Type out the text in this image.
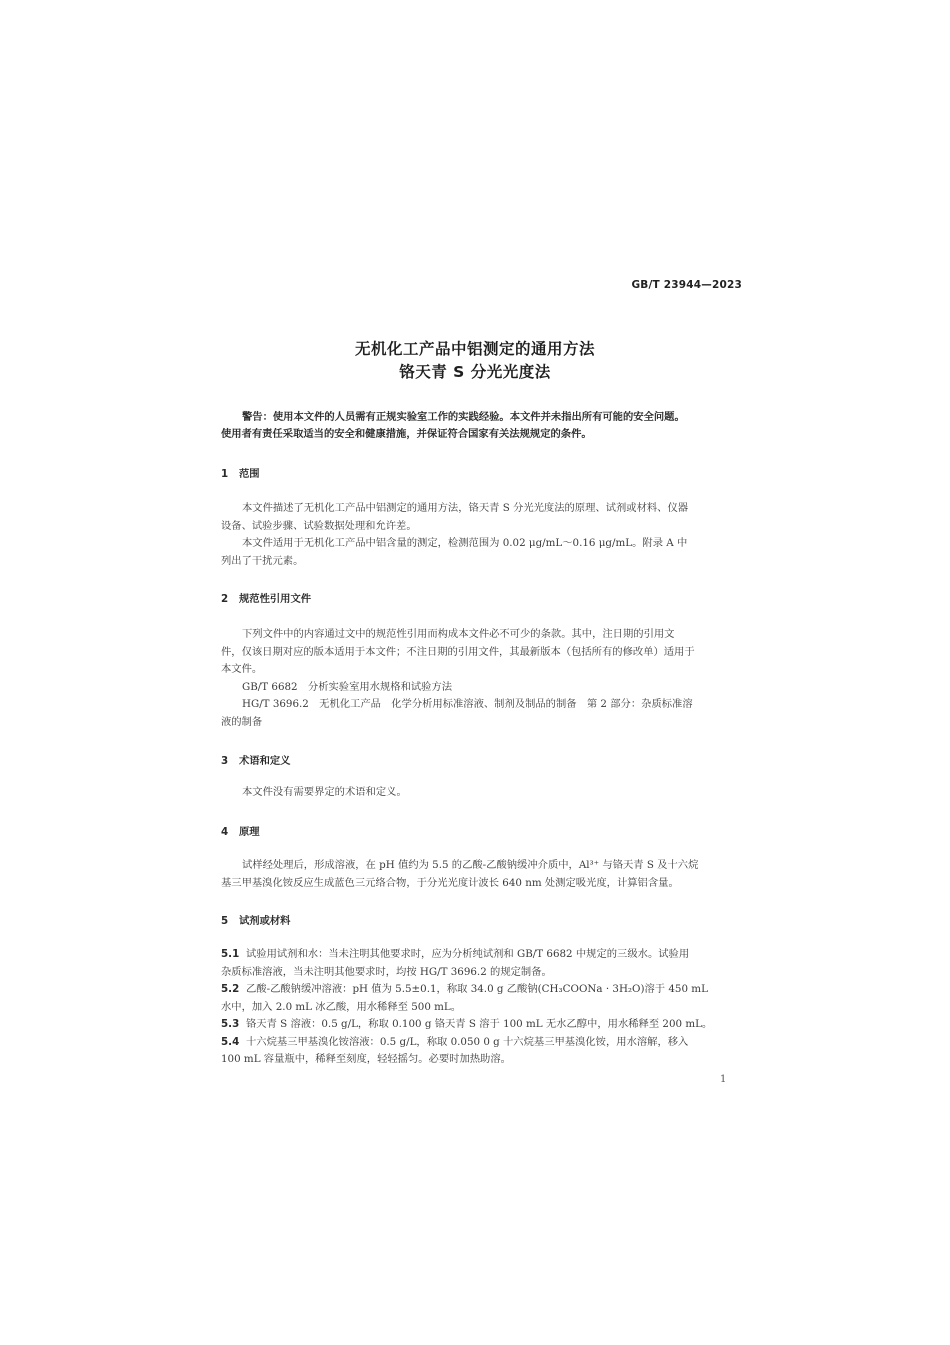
GB/T 23944—2023
无机化工产品中铝测定的通用方法
铬天青 S 分光光度法

警告：使用本文件的人员需有正规实验室工作的实践经验。本文件并未指出所有可能的安全问题。

使用者有责任采取适当的安全和健康措施，并保证符合国家有关法规规定的条件。

1 范围

本文件描述了无机化工产品中铝测定的通用方法，铬天青 S 分光光度法的原理、试剂或材料、仪器

设备、试验步骤、试验数据处理和允许差。

本文件适用于无机化工产品中铝含量的测定，检测范围为 0.02 μg/mL～0.16 μg/mL。附录 A 中

列出了干扰元素。

2 规范性引用文件

下列文件中的内容通过文中的规范性引用而构成本文件必不可少的条款。其中，注日期的引用文

件，仅该日期对应的版本适用于本文件；不注日期的引用文件，其最新版本（包括所有的修改单）适用于

本文件。

GB/T 6682　分析实验室用水规格和试验方法

HG/T 3696.2　无机化工产品　化学分析用标准溶液、制剂及制品的制备　第 2 部分：杂质标准溶

液的制备

3 术语和定义

本文件没有需要界定的术语和定义。

4 原理

试样经处理后，形成溶液，在 pH 值约为 5.5 的乙酸-乙酸钠缓冲介质中，Al³⁺ 与铬天青 S 及十六烷

基三甲基溴化铵反应生成蓝色三元络合物，于分光光度计波长 640 nm 处测定吸光度，计算铝含量。

5 试剂或材料

5.1 试验用试剂和水：当未注明其他要求时，应为分析纯试剂和 GB/T 6682 中规定的三级水。试验用

杂质标准溶液，当未注明其他要求时，均按 HG/T 3696.2 的规定制备。

5.2 乙酸-乙酸钠缓冲溶液：pH 值为 5.5±0.1，称取 34.0 g 乙酸钠(CH₃COONa · 3H₂O)溶于 450 mL

水中，加入 2.0 mL 冰乙酸，用水稀释至 500 mL。

5.3 铬天青 S 溶液：0.5 g/L，称取 0.100 g 铬天青 S 溶于 100 mL 无水乙醇中，用水稀释至 200 mL。

5.4 十六烷基三甲基溴化铵溶液：0.5 g/L，称取 0.050 0 g 十六烷基三甲基溴化铵，用水溶解，移入

100 mL 容量瓶中，稀释至刻度，轻轻摇匀。必要时加热助溶。

1
